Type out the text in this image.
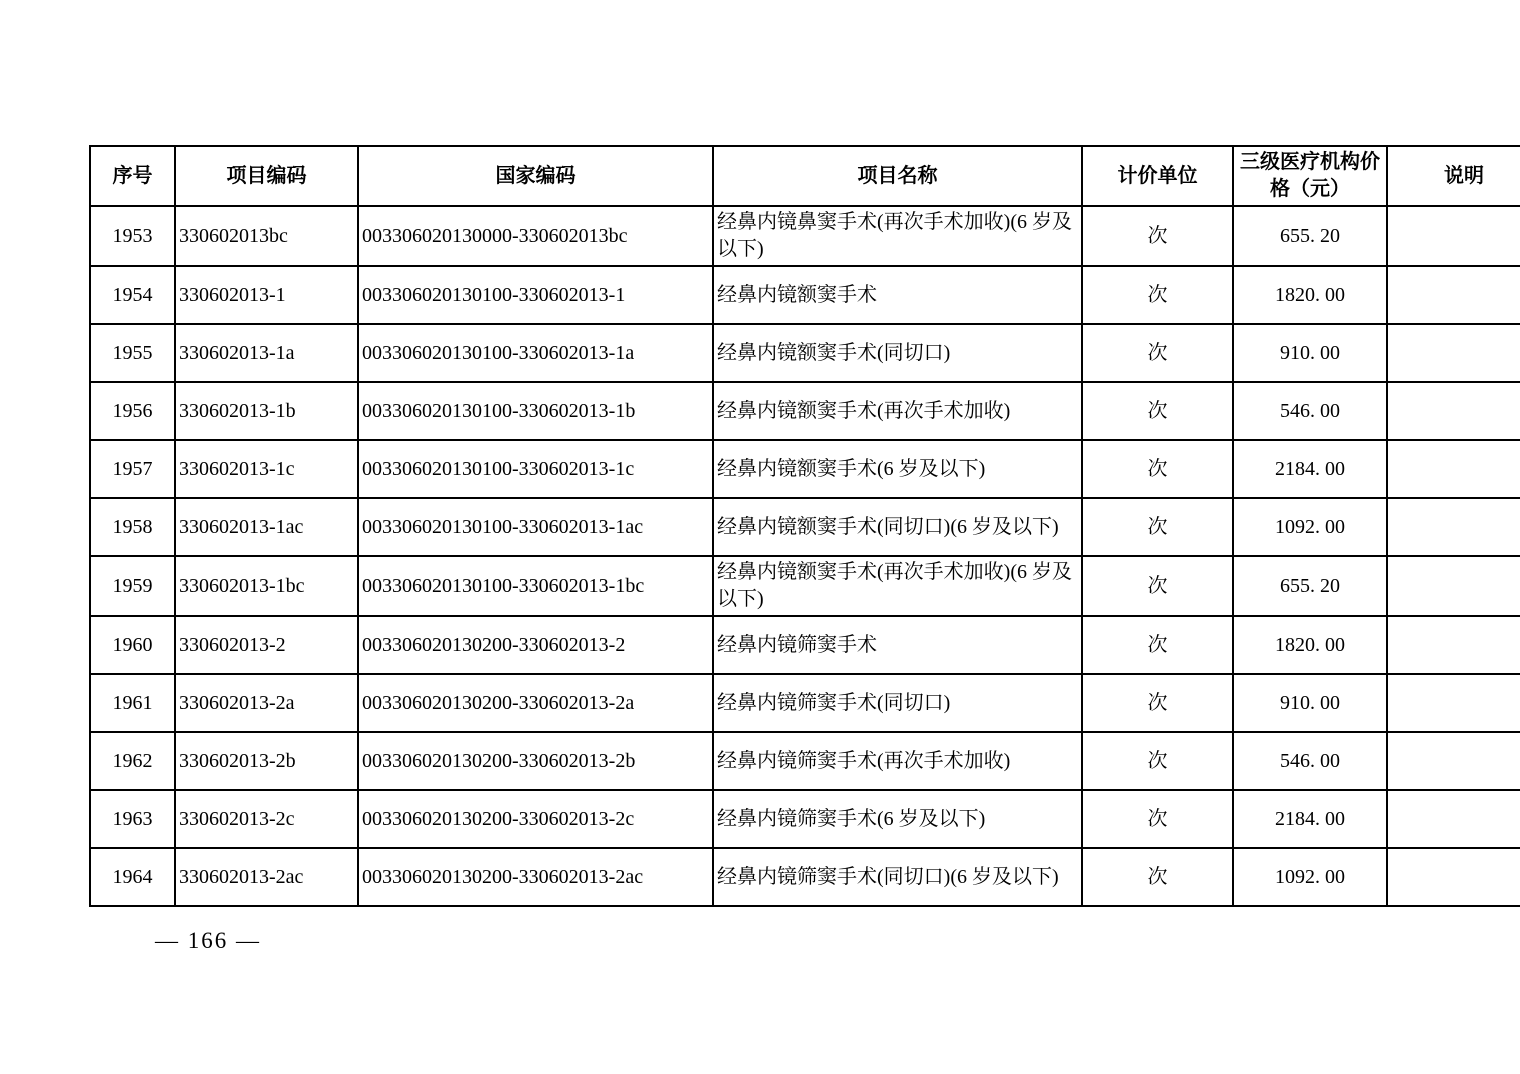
序号	项目编码	国家编码	项目名称	计价单位	三级医疗机构价格（元）	说明
1953	330602013bc	003306020130000-330602013bc	经鼻内镜鼻窦手术(再次手术加收)(6 岁及以下)	次	655. 20	
1954	330602013-1	003306020130100-330602013-1	经鼻内镜额窦手术	次	1820. 00	
1955	330602013-1a	003306020130100-330602013-1a	经鼻内镜额窦手术(同切口)	次	910. 00	
1956	330602013-1b	003306020130100-330602013-1b	经鼻内镜额窦手术(再次手术加收)	次	546. 00	
1957	330602013-1c	003306020130100-330602013-1c	经鼻内镜额窦手术(6 岁及以下)	次	2184. 00	
1958	330602013-1ac	003306020130100-330602013-1ac	经鼻内镜额窦手术(同切口)(6 岁及以下)	次	1092. 00	
1959	330602013-1bc	003306020130100-330602013-1bc	经鼻内镜额窦手术(再次手术加收)(6 岁及以下)	次	655. 20	
1960	330602013-2	003306020130200-330602013-2	经鼻内镜筛窦手术	次	1820. 00	
1961	330602013-2a	003306020130200-330602013-2a	经鼻内镜筛窦手术(同切口)	次	910. 00	
1962	330602013-2b	003306020130200-330602013-2b	经鼻内镜筛窦手术(再次手术加收)	次	546. 00	
1963	330602013-2c	003306020130200-330602013-2c	经鼻内镜筛窦手术(6 岁及以下)	次	2184. 00	
1964	330602013-2ac	003306020130200-330602013-2ac	经鼻内镜筛窦手术(同切口)(6 岁及以下)	次	1092. 00	
— 166 —
